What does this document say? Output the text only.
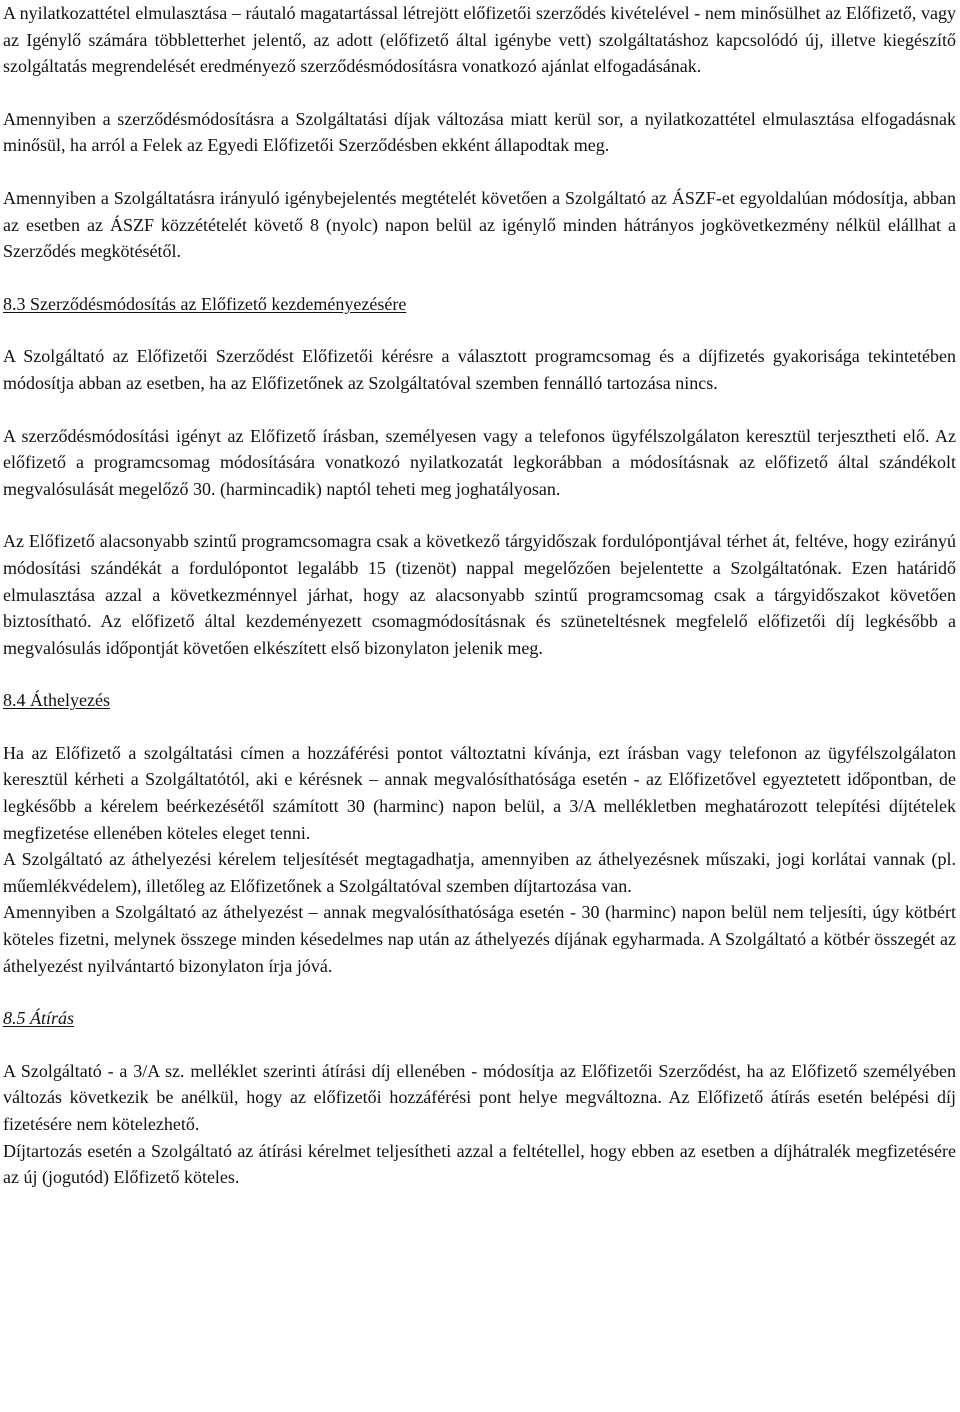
A nyilatkozattétel elmulasztása – ráutaló magatartással létrejött előfizetői szerződés kivételével - nem minősülhet az Előfizető, vagy az Igénylő számára többletterhet jelentő, az adott (előfizető által igénybe vett) szolgáltatáshoz kapcsolódó új, illetve kiegészítő szolgáltatás megrendelését eredményező szerződésmódosításra vonatkozó ajánlat elfogadásának.

Amennyiben a szerződésmódosításra a Szolgáltatási díjak változása miatt kerül sor, a nyilatkozattétel elmulasztása elfogadásnak minősül, ha arról a Felek az Egyedi Előfizetői Szerződésben ekként állapodtak meg.

Amennyiben a Szolgáltatásra irányuló igénybejelentés megtételét követően a Szolgáltató az ÁSZF-et egyoldalúan módosítja, abban az esetben az ÁSZF közzétételét követő 8 (nyolc) napon belül az igénylő minden hátrányos jogkövetkezmény nélkül elállhat a Szerződés megkötésétől.

8.3 Szerződésmódosítás az Előfizető kezdeményezésére

A Szolgáltató az Előfizetői Szerződést Előfizetői kérésre a választott programcsomag és a díjfizetés gyakorisága tekintetében módosítja abban az esetben, ha az Előfizetőnek az Szolgáltatóval szemben fennálló tartozása nincs.

A szerződésmódosítási igényt az Előfizető írásban, személyesen vagy a telefonos ügyfélszolgálaton keresztül terjesztheti elő. Az előfizető a programcsomag módosítására vonatkozó nyilatkozatát legkorábban a módosításnak az előfizető által szándékolt megvalósulását megelőző 30. (harmincadik) naptól teheti meg joghatályosan.

Az Előfizető alacsonyabb szintű programcsomagra csak a következő tárgyidőszak fordulópontjával térhet át, feltéve, hogy ezirányú módosítási szándékát a fordulópontot legalább 15 (tizenöt) nappal megelőzően bejelentette a Szolgáltatónak. Ezen határidő elmulasztása azzal a következménnyel járhat, hogy az alacsonyabb szintű programcsomag csak a tárgyidőszakot követően biztosítható. Az előfizető által kezdeményezett csomagmódosításnak és szüneteltésnek megfelelő előfizetői díj legkésőbb a megvalósulás időpontját követően elkészített első bizonylaton jelenik meg.

8.4 Áthelyezés

Ha az Előfizető a szolgáltatási címen a hozzáférési pontot változtatni kívánja, ezt írásban vagy telefonon az ügyfélszolgálaton keresztül kérheti a Szolgáltatótól, aki e kérésnek – annak megvalósíthatósága esetén - az Előfizetővel egyeztetett időpontban, de legkésőbb a kérelem beérkezésétől számított 30 (harminc) napon belül, a 3/A mellékletben meghatározott telepítési díjtételek megfizetése ellenében köteles eleget tenni.

A Szolgáltató az áthelyezési kérelem teljesítését megtagadhatja, amennyiben az áthelyezésnek műszaki, jogi korlátai vannak (pl. műemlékvédelem), illetőleg az Előfizetőnek a Szolgáltatóval szemben díjtartozása van.

Amennyiben a Szolgáltató az áthelyezést – annak megvalósíthatósága esetén - 30 (harminc) napon belül nem teljesíti, úgy kötbért köteles fizetni, melynek összege minden késedelmes nap után az áthelyezés díjának egyharmada. A Szolgáltató a kötbér összegét az áthelyezést nyilvántartó bizonylaton írja jóvá.

8.5 Átírás

A Szolgáltató - a 3/A sz. melléklet szerinti átírási díj ellenében - módosítja az Előfizetői Szerződést, ha az Előfizető személyében változás következik be anélkül, hogy az előfizetői hozzáférési pont helye megváltozna. Az Előfizető átírás esetén belépési díj fizetésére nem kötelezhető.

Díjtartozás esetén a Szolgáltató az átírási kérelmet teljesítheti azzal a feltétellel, hogy ebben az esetben a díjhátralék megfizetésére az új (jogutód) Előfizető köteles.
